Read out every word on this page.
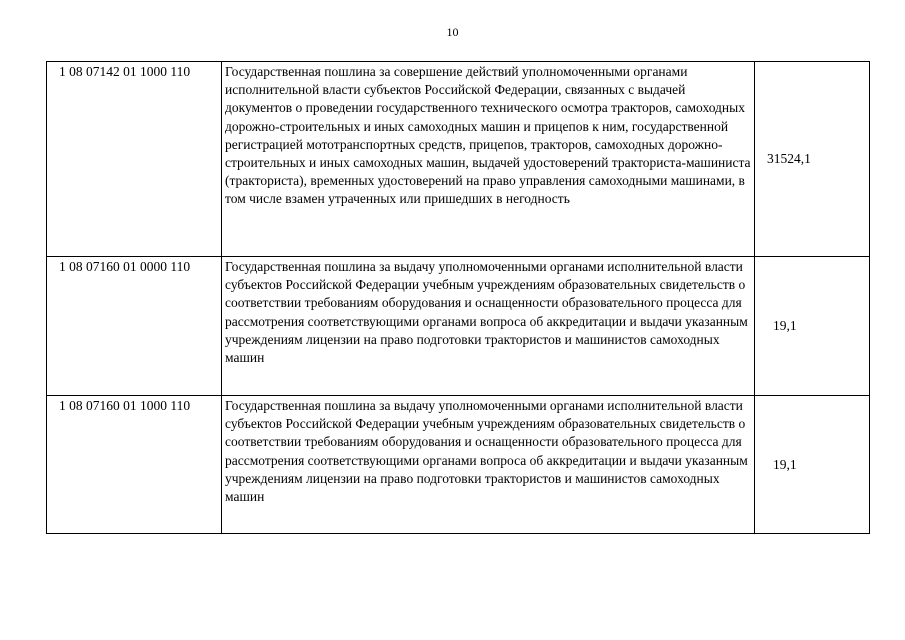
10
1 08 07142 01 1000 110	Государственная пошлина за совершение действий уполномоченными органами исполнительной власти субъектов Российской Федерации, связанных с выдачей документов о проведении государственного технического осмотра тракторов, самоходных дорожно-строительных и иных самоходных машин и прицепов к ним, государственной регистрацией мототранспортных средств, прицепов, тракторов, самоходных дорожно-строительных и иных самоходных машин, выдачей удостоверений тракториста-машиниста (тракториста), временных удостоверений на право управления самоходными машинами, в том числе взамен утраченных или пришедших в негодность	31524,1
1 08 07160 01 0000 110	Государственная пошлина за выдачу уполномоченными органами исполнительной власти субъектов Российской Федерации учебным учреждениям образовательных свидетельств о соответствии требованиям оборудования и оснащенности образовательного процесса для рассмотрения соответствующими органами вопроса об аккредитации и выдачи указанным учреждениям лицензии на право подготовки трактористов и машинистов самоходных машин	19,1
1 08 07160 01 1000 110	Государственная пошлина за выдачу уполномоченными органами исполнительной власти субъектов Российской Федерации учебным учреждениям образовательных свидетельств о соответствии требованиям оборудования и оснащенности образовательного процесса для рассмотрения соответствующими органами вопроса об аккредитации и выдачи указанным учреждениям лицензии на право подготовки трактористов и машинистов самоходных машин	19,1
